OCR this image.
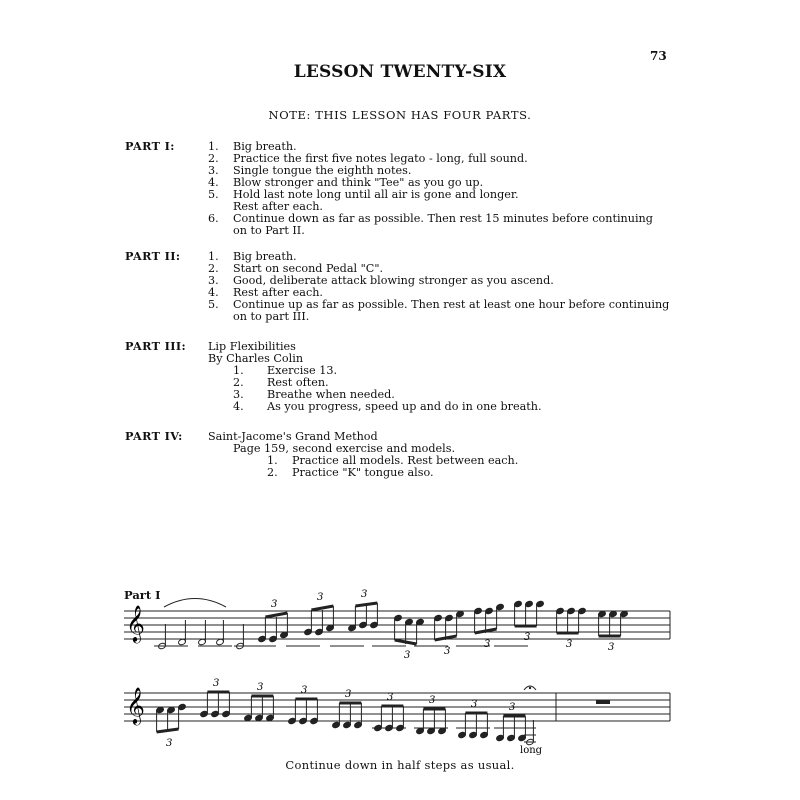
73
LESSON TWENTY-SIX
NOTE: THIS LESSON HAS FOUR PARTS.
PART I:	1. Big breath.
2. Practice the first five notes legato - long, full sound.
3. Single tongue the eighth notes.
4. Blow stronger and think "Tee" as you go up.
5. Hold last note long until all air is gone and longer.
Rest after each.
6. Continue down as far as possible. Then rest 15 minutes before continuing
on to Part II.
PART II: 1. Big breath.
2. Start on second Pedal "C".
3. Good, deliberate attack blowing stronger as you ascend.
4. Rest after each.
5. Continue up as far as possible. Then rest at least one hour before continuing
on to part III.
PART III: Lip Flexibilities
By Charles Colin
1. Exercise 13.
2. Rest often.
3. Breathe when needed.
4. As you progress, speed up and do in one breath.
PART IV: Saint-Jacome's Grand Method
Page 159, second exercise and models.
1. Practice all models. Rest between each.
2. Practice "K" tongue also.
Part I
𝄞
𝄞
3
3	3
3	3
3
3
3	3
3
3	3	3	3	3	3	3	3
long
Continue down in half steps as usual.
